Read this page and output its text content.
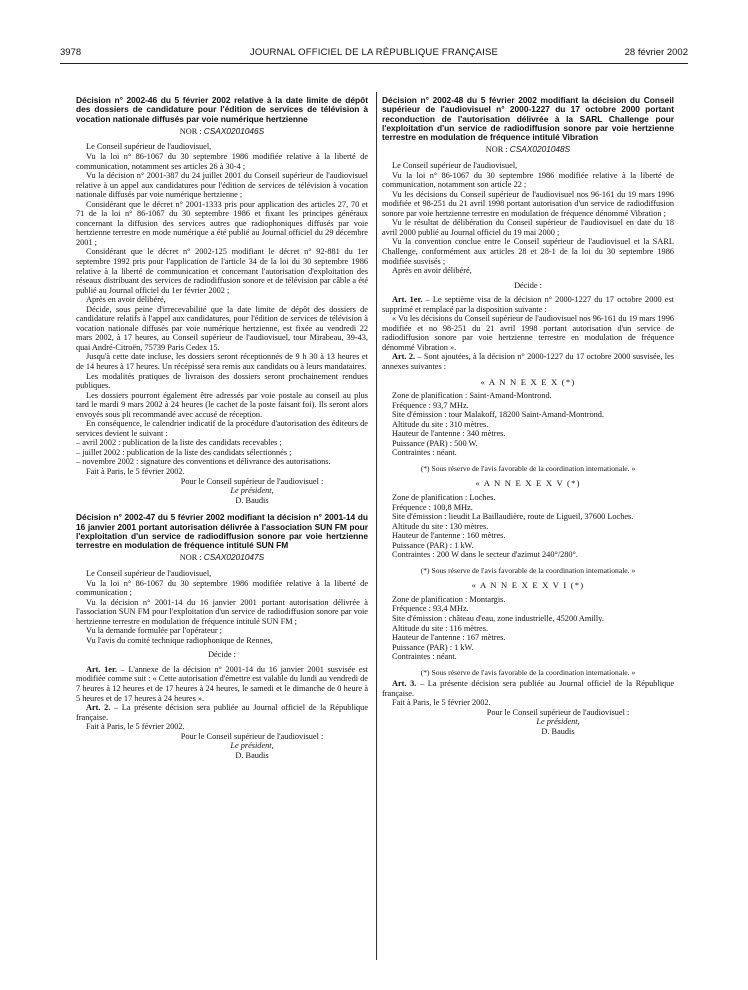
3978	JOURNAL OFFICIEL DE LA RÉPUBLIQUE FRANÇAISE	28 février 2002

Décision n° 2002-46 du 5 février 2002 relative à la date limite de dépôt des dossiers de candidature pour l'édition de services de télévision à vocation nationale diffusés par voie numérique hertzienne

NOR : CSAX0201046S

Le Conseil supérieur de l'audiovisuel,

Vu la loi n° 86-1067 du 30 septembre 1986 modifiée relative à la liberté de communication, notamment ses articles 26 à 30-4 ;

Vu la décision n° 2001-387 du 24 juillet 2001 du Conseil supérieur de l'audiovisuel relative à un appel aux candidatures pour l'édition de services de télévision à vocation nationale diffusés par voie numérique hertzienne ;

Considérant que le décret n° 2001-1333 pris pour application des articles 27, 70 et 71 de la loi n° 86-1067 du 30 septembre 1986 et fixant les principes généraux concernant la diffusion des services autres que radiophoniques diffusés par voie hertzienne terrestre en mode numérique a été publié au Journal officiel du 29 décembre 2001 ;

Considérant que le décret n° 2002-125 modifiant le décret n° 92-881 du 1er septembre 1992 pris pour l'application de l'article 34 de la loi du 30 septembre 1986 relative à la liberté de communication et concernant l'autorisation d'exploitation des réseaux distribuant des services de radiodiffusion sonore et de télévision par câble a été publié au Journal officiel du 1er février 2002 ;

Après en avoir délibéré,

Décide, sous peine d'irrecevabilité que la date limite de dépôt des dossiers de candidature relatifs à l'appel aux candidatures, pour l'édition de services de télévision à vocation nationale diffusés par voie numérique hertzienne, est fixée au vendredi 22 mars 2002, à 17 heures, au Conseil supérieur de l'audiovisuel, tour Mirabeau, 39-43, quai André-Citroën, 75739 Paris Cedex 15.

Jusqu'à cette date incluse, les dossiers seront réceptionnés de 9 h 30 à 13 heures et de 14 heures à 17 heures. Un récépissé sera remis aux candidats ou à leurs mandataires.

Les modalités pratiques de livraison des dossiers seront prochainement rendues publiques.

Les dossiers pourront également être adressés par voie postale au conseil au plus tard le mardi 9 mars 2002 à 24 heures (le cachet de la poste faisant foi). Ils seront alors envoyés sous pli recommandé avec accusé de réception.

En conséquence, le calendrier indicatif de la procédure d'autorisation des éditeurs de services devient le suivant :

– avril 2002 : publication de la liste des candidats recevables ;
– juillet 2002 : publication de la liste des candidats sélectionnés ;
– novembre 2002 : signature des conventions et délivrance des autorisations.

Fait à Paris, le 5 février 2002.

Pour le Conseil supérieur de l'audiovisuel :

Le président,

D. Baudis

Décision n° 2002-47 du 5 février 2002 modifiant la décision n° 2001-14 du 16 janvier 2001 portant autorisation délivrée à l'association SUN FM pour l'exploitation d'un service de radiodiffusion sonore par voie hertzienne terrestre en modulation de fréquence intitulé SUN FM

NOR : CSAX0201047S

Le Conseil supérieur de l'audiovisuel,

Vu la loi n° 86-1067 du 30 septembre 1986 modifiée relative à la liberté de communication ;

Vu la décision n° 2001-14 du 16 janvier 2001 portant autorisation délivrée à l'association SUN FM pour l'exploitation d'un service de radiodiffusion sonore par voie hertzienne terrestre en modulation de fréquence intitulé SUN FM ;

Vu la demande formulée par l'opérateur ;

Vu l'avis du comité technique radiophonique de Rennes,

Décide :

Art. 1er. – L'annexe de la décision n° 2001-14 du 16 janvier 2001 susvisée est modifiée comme suit : « Cette autorisation d'émettre est valable du lundi au vendredi de 7 heures à 12 heures et de 17 heures à 24 heures, le samedi et le dimanche de 0 heure à 5 heures et de 17 heures à 24 heures ».

Art. 2. – La présente décision sera publiée au Journal officiel de la République française.

Fait à Paris, le 5 février 2002.

Pour le Conseil supérieur de l'audiovisuel :

Le président,

D. Baudis

Décision n° 2002-48 du 5 février 2002 modifiant la décision du Conseil supérieur de l'audiovisuel n° 2000-1227 du 17 octobre 2000 portant reconduction de l'autorisation délivrée à la SARL Challenge pour l'exploitation d'un service de radiodiffusion sonore par voie hertzienne terrestre en modulation de fréquence intitulé Vibration

NOR : CSAX0201048S

Le Conseil supérieur de l'audiovisuel,

Vu la loi n° 86-1067 du 30 septembre 1986 modifiée relative à la liberté de communication, notamment son article 22 ;

Vu les décisions du Conseil supérieur de l'audiovisuel nos 96-161 du 19 mars 1996 modifiée et 98-251 du 21 avril 1998 portant autorisation d'un service de radiodiffusion sonore par voie hertzienne terrestre en modulation de fréquence dénommé Vibration ;

Vu le résultat de délibération du Conseil supérieur de l'audiovisuel en date du 18 avril 2000 publié au Journal officiel du 19 mai 2000 ;

Vu la convention conclue entre le Conseil supérieur de l'audiovisuel et la SARL Challenge, conformément aux articles 28 et 28-1 de la loi du 30 septembre 1986 modifiée susvisés ;

Après en avoir délibéré,

Décide :

Art. 1er. – Le septième visa de la décision n° 2000-1227 du 17 octobre 2000 est supprimé et remplacé par la disposition suivante :

« Vu les décisions du Conseil supérieur de l'audiovisuel nos 96-161 du 19 mars 1996 modifiée et no 98-251 du 21 avril 1998 portant autorisation d'un service de radiodiffusion sonore par voie hertzienne terrestre en modulation de fréquence dénommé Vibration ».

Art. 2. – Sont ajoutées, à la décision n° 2000-1227 du 17 octobre 2000 susvisée, les annexes suivantes :

« A N N E X E X (*)

Zone de planification : Saint-Amand-Montrond.

Fréquence : 93,7 MHz.

Site d'émission : tour Malakoff, 18200 Saint-Amand-Montrond.

Altitude du site : 310 mètres.

Hauteur de l'antenne : 340 mètres.

Puissance (PAR) : 500 W.

Contraintes : néant.

(*) Sous réserve de l'avis favorable de la coordination internationale. »

« A N N E X E X V (*)

Zone de planification : Loches.

Fréquence : 100,8 MHz.

Site d'émission : lieudit La Baillaudière, route de Ligueil, 37600 Loches.

Altitude du site : 130 mètres.

Hauteur de l'antenne : 160 mètres.

Puissance (PAR) : 1 kW.

Contraintes : 200 W dans le secteur d'azimut 240°/280°.

(*) Sous réserve de l'avis favorable de la coordination internationale. »

« A N N E X E X V I (*)

Zone de planification : Montargis.

Fréquence : 93,4 MHz.

Site d'émission : château d'eau, zone industrielle, 45200 Amilly.

Altitude du site : 116 mètres.

Hauteur de l'antenne : 167 mètres.

Puissance (PAR) : 1 kW.

Contraintes : néant.

(*) Sous réserve de l'avis favorable de la coordination internationale. »

Art. 3. – La présente décision sera publiée au Journal officiel de la République française.

Fait à Paris, le 5 février 2002.

Pour le Conseil supérieur de l'audiovisuel :

Le président,

D. Baudis
